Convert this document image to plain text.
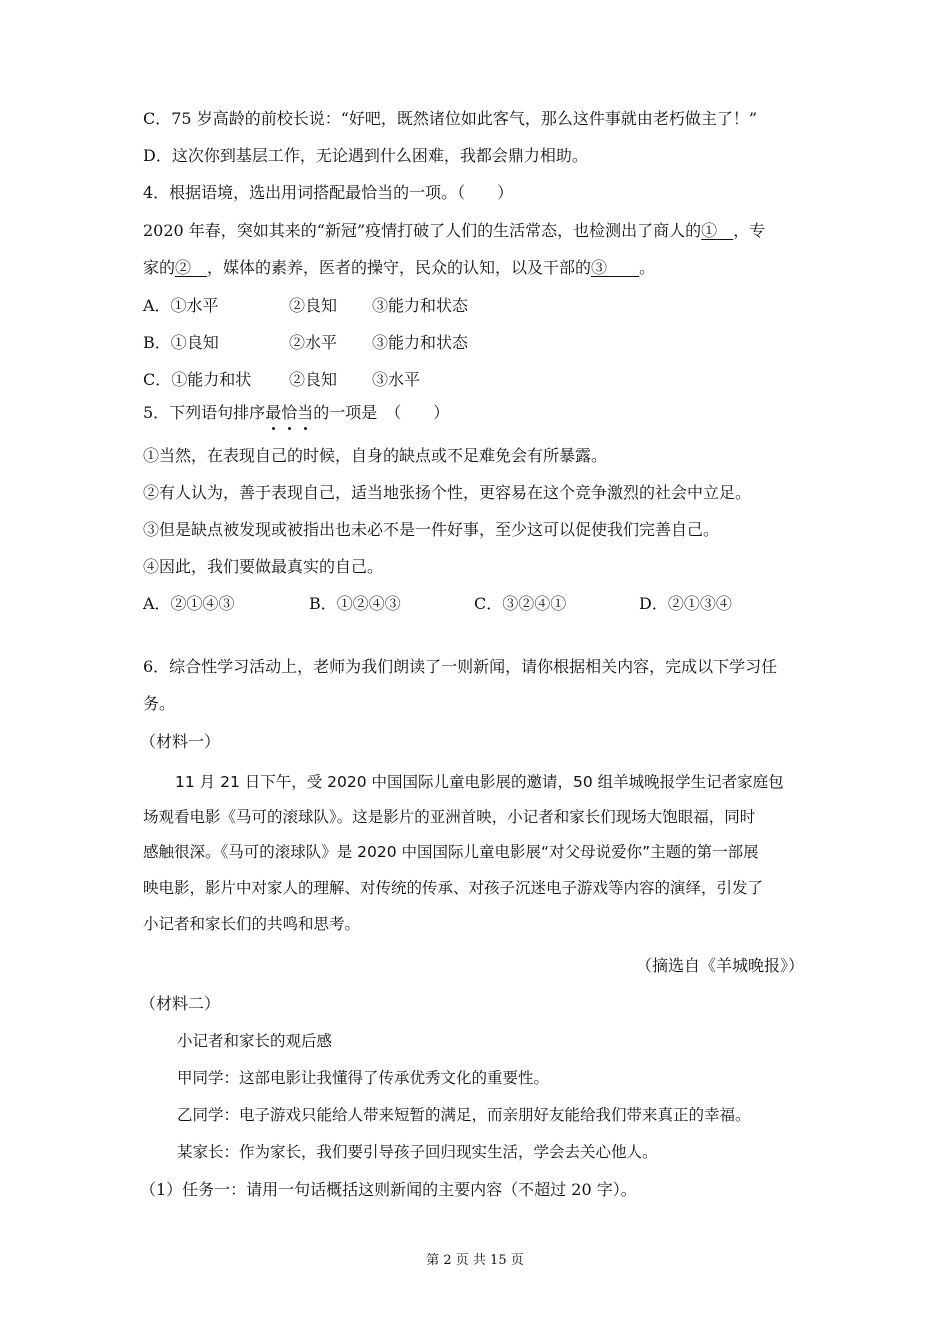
C．75 岁高龄的前校长说：“好吧，既然诸位如此客气，那么这件事就由老朽做主了！”
D．这次你到基层工作，无论遇到什么困难，我都会鼎力相助。
4．根据语境，选出用词搭配最恰当的一项。（　　）
2020 年春，突如其来的“新冠”疫情打破了人们的生活常态，也检测出了商人的①　，专
家的②　，媒体的素养，医者的操守，民众的认知，以及干部的③　　。
A．①水平	②良知 ③能力和状态
B．①良知	②水平 ③能力和状态
C．①能力和状 ②良知 ③水平
5．下列语句排序最
恰
当
的一项是　（　　）
①当然，在表现自己的时候，自身的缺点或不足难免会有所暴露。
②有人认为，善于表现自己，适当地张扬个性，更容易在这个竞争激烈的社会中立足。
③但是缺点被发现或被指出也未必不是一件好事，至少这可以促使我们完善自己。
④因此，我们要做最真实的自己。
A．②①④③	B．①②④③	C．③②④①	D．②①③④
6．综合性学习活动上，老师为我们朗读了一则新闻，请你根据相关内容，完成以下学习任
务。
（材料一）
11 月 21 日下午，受 2020 中国国际儿童电影展的邀请，50 组羊城晚报学生记者家庭包
场观看电影《马可的滚球队》。这是影片的亚洲首映，小记者和家长们现场大饱眼福，同时
感触很深。《马可的滚球队》是 2020 中国国际儿童电影展“对父母说爱你”主题的第一部展
映电影，影片中对家人的理解、对传统的传承、对孩子沉迷电子游戏等内容的演绎，引发了
小记者和家长们的共鸣和思考。
（摘选自《羊城晚报》）
（材料二）
小记者和家长的观后感
甲同学：这部电影让我懂得了传承优秀文化的重要性。
乙同学：电子游戏只能给人带来短暂的满足，而亲朋好友能给我们带来真正的幸福。
某家长：作为家长，我们要引导孩子回归现实生活，学会去关心他人。
（1）任务一：请用一句话概括这则新闻的主要内容（不超过 20 字）。
第 2 页 共 15 页
